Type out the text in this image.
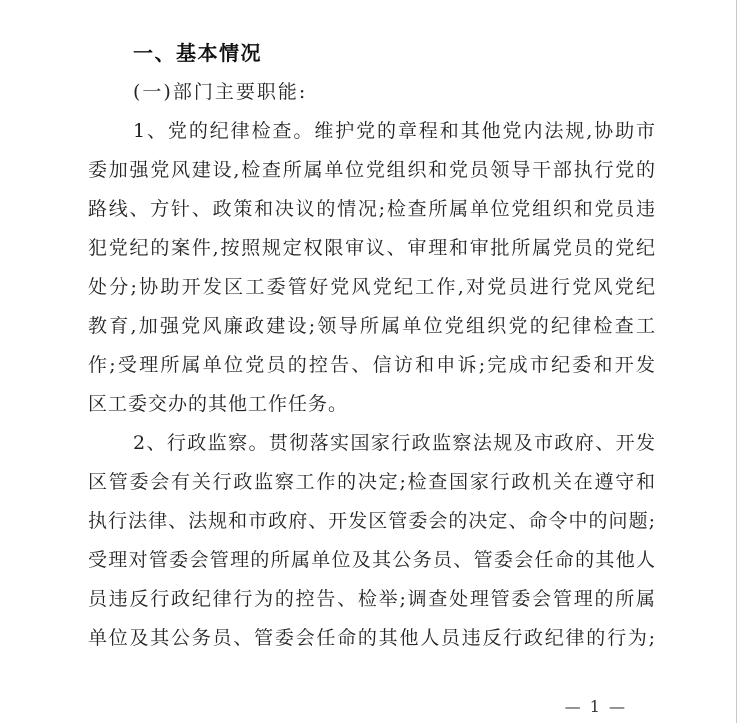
一、基本情况
(一)部门主要职能:
1、党的纪律检查。维护党的章程和其他党内法规,协助市
委加强党风建设,检查所属单位党组织和党员领导干部执行党的
路线、方针、政策和决议的情况;检查所属单位党组织和党员违
犯党纪的案件,按照规定权限审议、审理和审批所属党员的党纪
处分;协助开发区工委管好党风党纪工作,对党员进行党风党纪
教育,加强党风廉政建设;领导所属单位党组织党的纪律检查工
作;受理所属单位党员的控告、信访和申诉;完成市纪委和开发
区工委交办的其他工作任务。
2、行政监察。贯彻落实国家行政监察法规及市政府、开发
区管委会有关行政监察工作的决定;检查国家行政机关在遵守和
执行法律、法规和市政府、开发区管委会的决定、命令中的问题;
受理对管委会管理的所属单位及其公务员、管委会任命的其他人
员违反行政纪律行为的控告、检举;调查处理管委会管理的所属
单位及其公务员、管委会任命的其他人员违反行政纪律的行为;
— 1 —
